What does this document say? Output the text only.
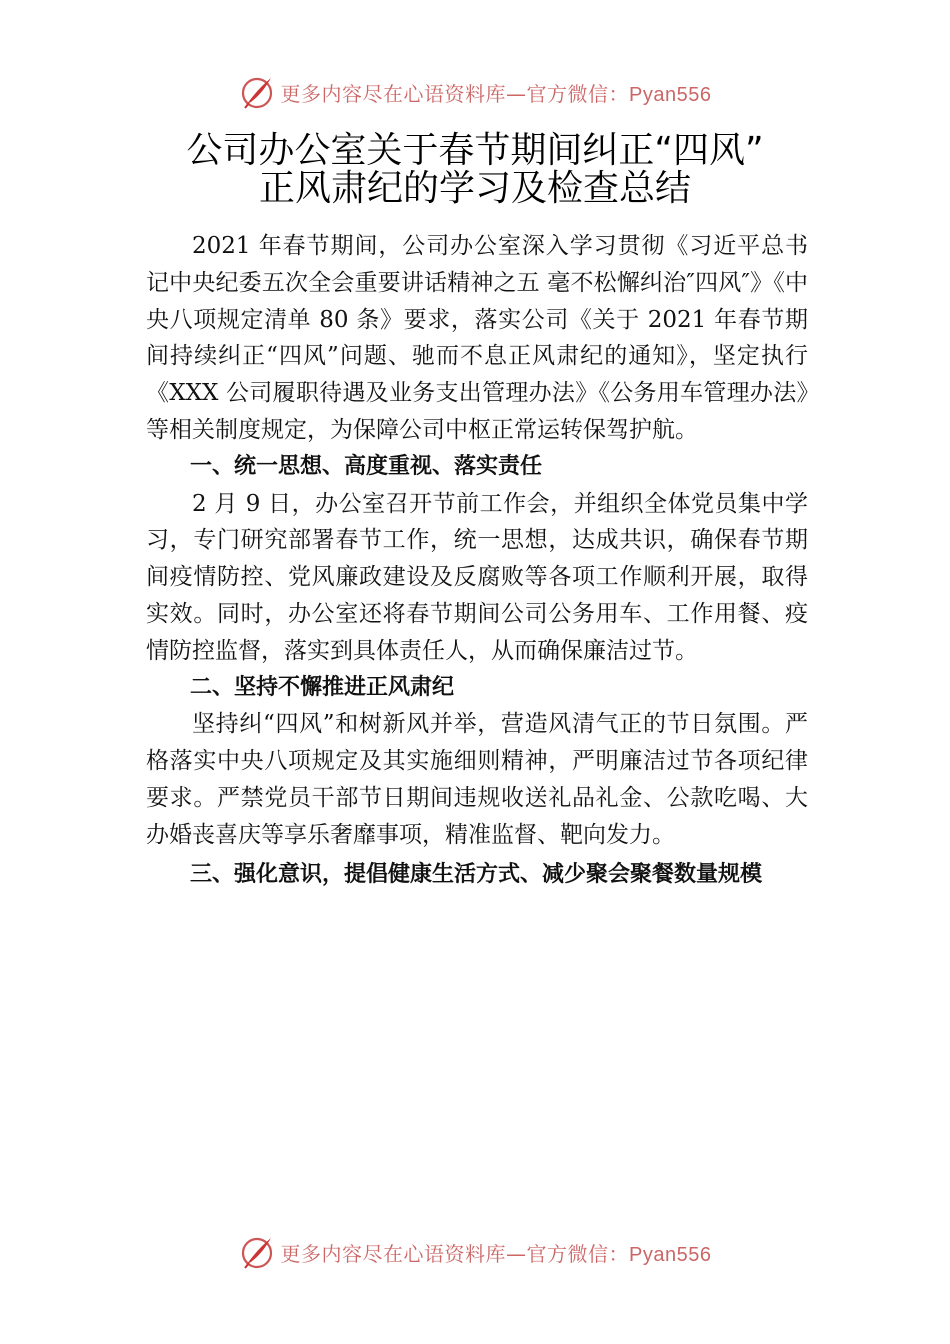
更多内容尽在心语资料库—官方微信：Pyan556
公司办公室关于春节期间纠正“四风”
正风肃纪的学习及检查总结

2021 年春节期间，公司办公室深入学习贯彻《习近平总书记中央纪委五次全会重要讲话精神之五 毫不松懈纠治″四风″》《中央八项规定清单 80 条》要求，落实公司《关于 2021 年春节期间持续纠正“四风”问题、驰而不息正风肃纪的通知》，坚定执行《XXX 公司履职待遇及业务支出管理办法》《公务用车管理办法》等相关制度规定，为保障公司中枢正常运转保驾护航。

一、统一思想、高度重视、落实责任

2 月 9 日，办公室召开节前工作会，并组织全体党员集中学习，专门研究部署春节工作，统一思想，达成共识，确保春节期间疫情防控、党风廉政建设及反腐败等各项工作顺利开展，取得实效。同时，办公室还将春节期间公司公务用车、工作用餐、疫情防控监督，落实到具体责任人，从而确保廉洁过节。

二、坚持不懈推进正风肃纪

坚持纠“四风”和树新风并举，营造风清气正的节日氛围。严格落实中央八项规定及其实施细则精神，严明廉洁过节各项纪律要求。严禁党员干部节日期间违规收送礼品礼金、公款吃喝、大办婚丧喜庆等享乐奢靡事项，精准监督、靶向发力。

三、强化意识，提倡健康生活方式、减少聚会聚餐数量规模

更多内容尽在心语资料库—官方微信：Pyan556
